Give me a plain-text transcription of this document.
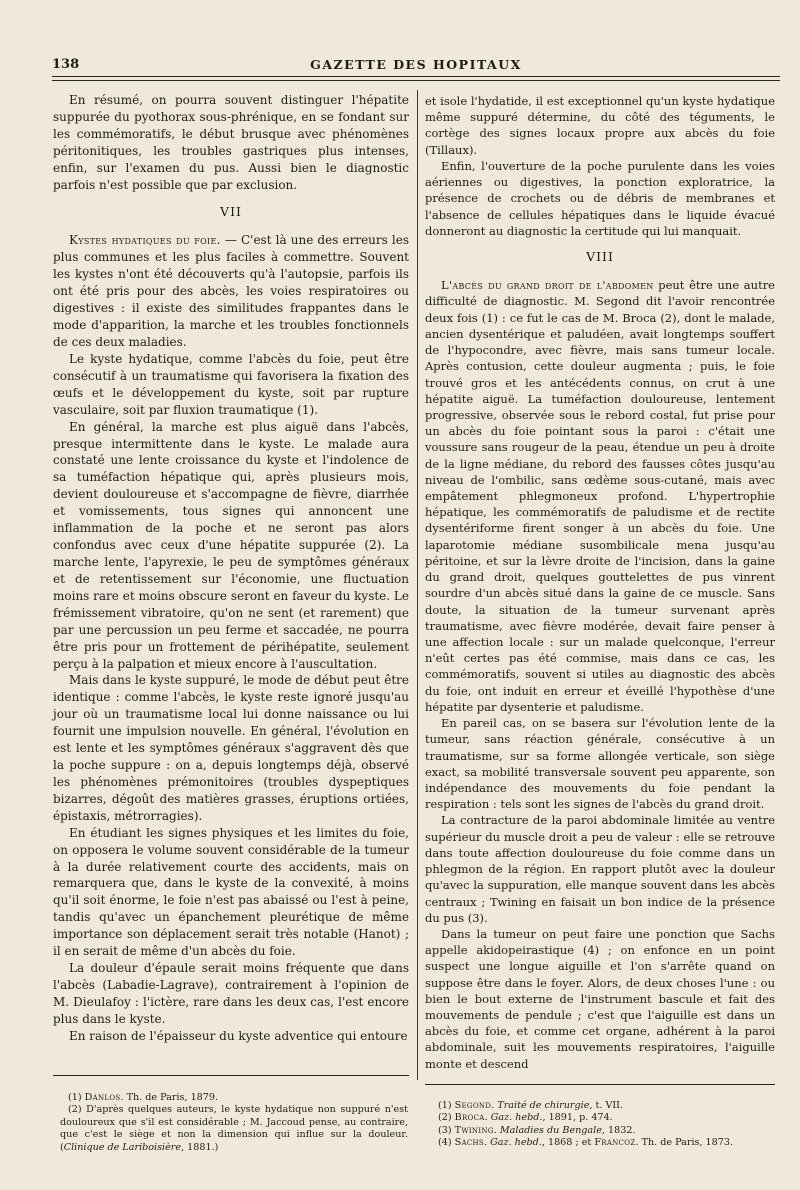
138	GAZETTE DES HOPITAUX

En résumé, on pourra souvent distinguer l'hépatite suppurée du pyothorax sous-phrénique, en se fondant sur les commémoratifs, le début brusque avec phénomènes péritonitiques, les troubles gastriques plus intenses, enfin, sur l'examen du pus. Aussi bien le diagnostic parfois n'est possible que par exclusion.

VII

Kystes hydatiques du foie. — C'est là une des erreurs les plus communes et les plus faciles à commettre. Souvent les kystes n'ont été découverts qu'à l'autopsie, parfois ils ont été pris pour des abcès, les voies respiratoires ou digestives : il existe des similitudes frappantes dans le mode d'apparition, la marche et les troubles fonctionnels de ces deux maladies.

Le kyste hydatique, comme l'abcès du foie, peut être consécutif à un traumatisme qui favorisera la fixation des œufs et le développement du kyste, soit par rupture vasculaire, soit par fluxion traumatique (1).

En général, la marche est plus aiguë dans l'abcès, presque intermittente dans le kyste. Le malade aura constaté une lente croissance du kyste et l'indolence de sa tuméfaction hépatique qui, après plusieurs mois, devient douloureuse et s'accompagne de fièvre, diarrhée et vomissements, tous signes qui annoncent une inflammation de la poche et ne seront pas alors confondus avec ceux d'une hépatite suppurée (2). La marche lente, l'apyrexie, le peu de symptômes généraux et de retentissement sur l'économie, une fluctuation moins rare et moins obscure seront en faveur du kyste. Le frémissement vibratoire, qu'on ne sent (et rarement) que par une percussion un peu ferme et saccadée, ne pourra être pris pour un frottement de périhépatite, seulement perçu à la palpation et mieux encore à l'auscultation.

Mais dans le kyste suppuré, le mode de début peut être identique : comme l'abcès, le kyste reste ignoré jusqu'au jour où un traumatisme local lui donne naissance ou lui fournit une impulsion nouvelle. En général, l'évolution en est lente et les symptômes généraux s'aggravent dès que la poche suppure : on a, depuis longtemps déjà, observé les phénomènes prémonitoires (troubles dyspeptiques bizarres, dégoût des matières grasses, éruptions ortiées, épistaxis, métrorragies).

En étudiant les signes physiques et les limites du foie, on opposera le volume souvent considérable de la tumeur à la durée relativement courte des accidents, mais on remarquera que, dans le kyste de la convexité, à moins qu'il soit énorme, le foie n'est pas abaissé ou l'est à peine, tandis qu'avec un épanchement pleurétique de même importance son déplacement serait très notable (Hanot) ; il en serait de même d'un abcès du foie.

La douleur d'épaule serait moins fréquente que dans l'abcès (Labadie-Lagrave), contrairement à l'opinion de M. Dieulafoy : l'ictère, rare dans les deux cas, l'est encore plus dans le kyste.

En raison de l'épaisseur du kyste adventice qui entoure

et isole l'hydatide, il est exceptionnel qu'un kyste hydatique même suppuré détermine, du côté des téguments, le cortège des signes locaux propre aux abcès du foie (Tillaux).

Enfin, l'ouverture de la poche purulente dans les voies aériennes ou digestives, la ponction exploratrice, la présence de crochets ou de débris de membranes et l'absence de cellules hépatiques dans le liquide évacué donneront au diagnostic la certitude qui lui manquait.

VIII

L'abcès du grand droit de l'abdomen peut être une autre difficulté de diagnostic. M. Segond dit l'avoir rencontrée deux fois (1) : ce fut le cas de M. Broca (2), dont le malade, ancien dysentérique et paludéen, avait longtemps souffert de l'hypocondre, avec fièvre, mais sans tumeur locale. Après contusion, cette douleur augmenta ; puis, le foie trouvé gros et les antécédents connus, on crut à une hépatite aiguë. La tuméfaction douloureuse, lentement progressive, observée sous le rebord costal, fut prise pour un abcès du foie pointant sous la paroi : c'était une voussure sans rougeur de la peau, étendue un peu à droite de la ligne médiane, du rebord des fausses côtes jusqu'au niveau de l'ombilic, sans œdème sous-cutané, mais avec empâtement phlegmoneux profond. L'hypertrophie hépatique, les commémoratifs de paludisme et de rectite dysentériforme firent songer à un abcès du foie. Une laparotomie médiane susombilicale mena jusqu'au péritoine, et sur la lèvre droite de l'incision, dans la gaine du grand droit, quelques gouttelettes de pus vinrent sourdre d'un abcès situé dans la gaine de ce muscle. Sans doute, la situation de la tumeur survenant après traumatisme, avec fièvre modérée, devait faire penser à une affection locale : sur un malade quelconque, l'erreur n'eût certes pas été commise, mais dans ce cas, les commémoratifs, souvent si utiles au diagnostic des abcès du foie, ont induit en erreur et éveillé l'hypothèse d'une hépatite par dysenterie et paludisme.

En pareil cas, on se basera sur l'évolution lente de la tumeur, sans réaction générale, consécutive à un traumatisme, sur sa forme allongée verticale, son siège exact, sa mobilité transversale souvent peu apparente, son indépendance des mouvements du foie pendant la respiration : tels sont les signes de l'abcès du grand droit.

La contracture de la paroi abdominale limitée au ventre supérieur du muscle droit a peu de valeur : elle se retrouve dans toute affection douloureuse du foie comme dans un phlegmon de la région. En rapport plutôt avec la douleur qu'avec la suppuration, elle manque souvent dans les abcès centraux ; Twining en faisait un bon indice de la présence du pus (3).

Dans la tumeur on peut faire une ponction que Sachs appelle akidopeirastique (4) ; on enfonce en un point suspect une longue aiguille et l'on s'arrête quand on suppose être dans le foyer. Alors, de deux choses l'une : ou bien le bout externe de l'instrument bascule et fait des mouvements de pendule ; c'est que l'aiguille est dans un abcès du foie, et comme cet organe, adhérent à la paroi abdominale, suit les mouvements respiratoires, l'aiguille monte et descend

(1) Danlos. Th. de Paris, 1879.

(2) D'après quelques auteurs, le kyste hydatique non suppuré n'est douloureux que s'il est considérable ; M. Jaccoud pense, au contraire, que c'est le siège et non la dimension qui influe sur la douleur. (Clinique de Lariboisière, 1881.)

(1) Segond. Traité de chirurgie, t. VII.

(2) Broca. Gaz. hebd., 1891, p. 474.

(3) Twining. Maladies du Bengale, 1832.

(4) Sachs. Gaz. hebd., 1868 ; et Francoz. Th. de Paris, 1873.
